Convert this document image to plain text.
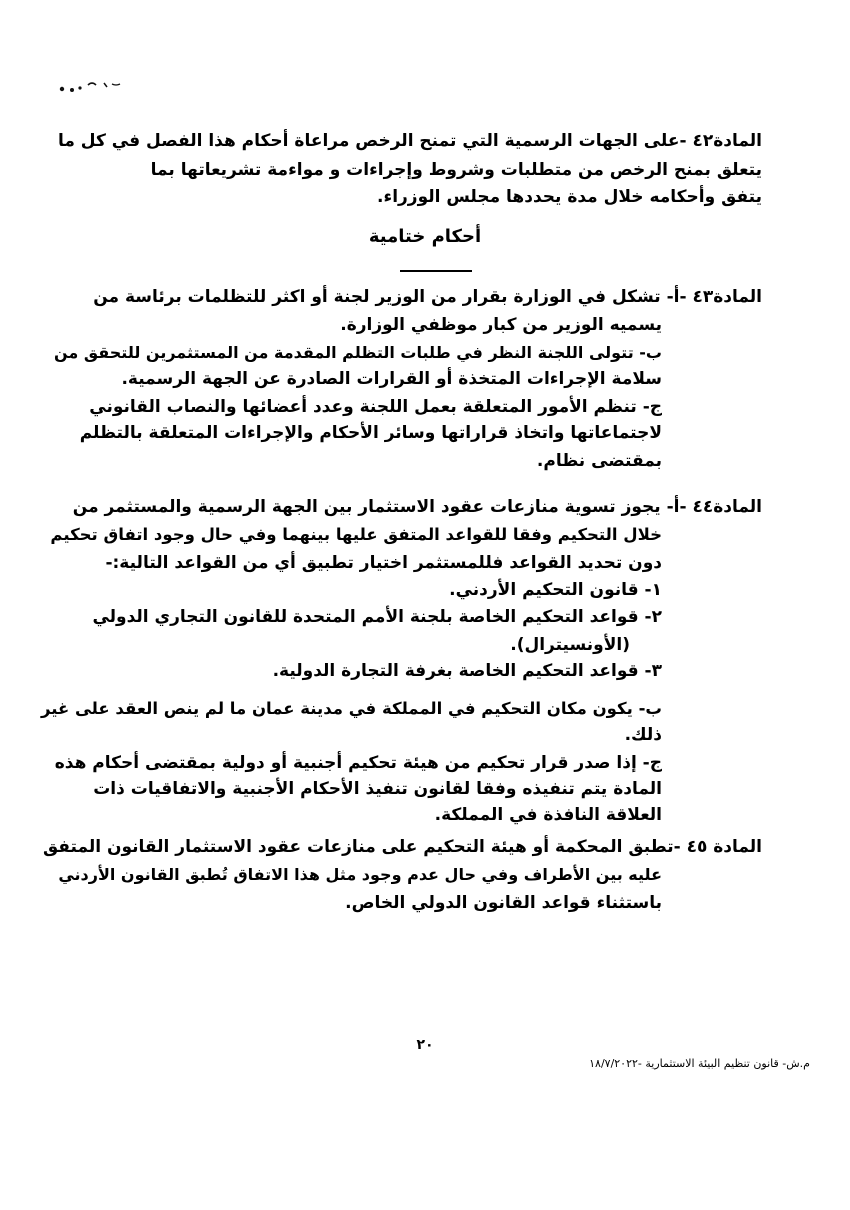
المادة٤٢ -على الجهات الرسمية التي تمنح الرخص مراعاة أحكام هذا الفصل في كل ما
يتعلق بمنح الرخص من متطلبات وشروط وإجراءات و مواءمة تشريعاتها بما
يتفق وأحكامه خلال مدة يحددها مجلس الوزراء.
أحكام ختامية
المادة٤٣ -أ- تشكل في الوزارة بقرار من الوزير لجنة أو اكثر للتظلمات برئاسة من
يسميه الوزير من كبار موظفي الوزارة.
ب- تتولى اللجنة النظر في طلبات التظلم المقدمة من المستثمرين للتحقق من
سلامة الإجراءات المتخذة أو القرارات الصادرة عن الجهة الرسمية.
ج- تنظم الأمور المتعلقة بعمل اللجنة وعدد أعضائها والنصاب القانوني
لاجتماعاتها واتخاذ قراراتها وسائر الأحكام والإجراءات المتعلقة بالتظلم
بمقتضى نظام.
المادة٤٤ -أ- يجوز تسوية منازعات عقود الاستثمار بين الجهة الرسمية والمستثمر من
خلال التحكيم وفقا للقواعد المتفق عليها بينهما وفي حال وجود اتفاق تحكيم
دون تحديد القواعد فللمستثمر اختيار تطبيق أي من القواعد التالية:-
١- قانون التحكيم الأردني.
٢- قواعد التحكيم الخاصة بلجنة الأمم المتحدة للقانون التجاري الدولي
(الأونسيترال).
٣- قواعد التحكيم الخاصة بغرفة التجارة الدولية.
ب- يكون مكان التحكيم في المملكة في مدينة عمان ما لم ينص العقد على غير
ذلك.
ج- إذا صدر قرار تحكيم من هيئة تحكيم أجنبية أو دولية بمقتضى أحكام هذه
المادة يتم تنفيذه وفقا لقانون تنفيذ الأحكام الأجنبية والاتفاقيات ذات
العلاقة النافذة في المملكة.
المادة ٤٥ -تطبق المحكمة أو هيئة التحكيم على منازعات عقود الاستثمار القانون المتفق
عليه بين الأطراف وفي حال عدم وجود مثل هذا الاتفاق تُطبق القانون الأردني
باستثناء قواعد القانون الدولي الخاص.
٢٠
م.ش- قانون تنظيم البيئة الاستثمارية -١٨/٧/٢٠٢٢
